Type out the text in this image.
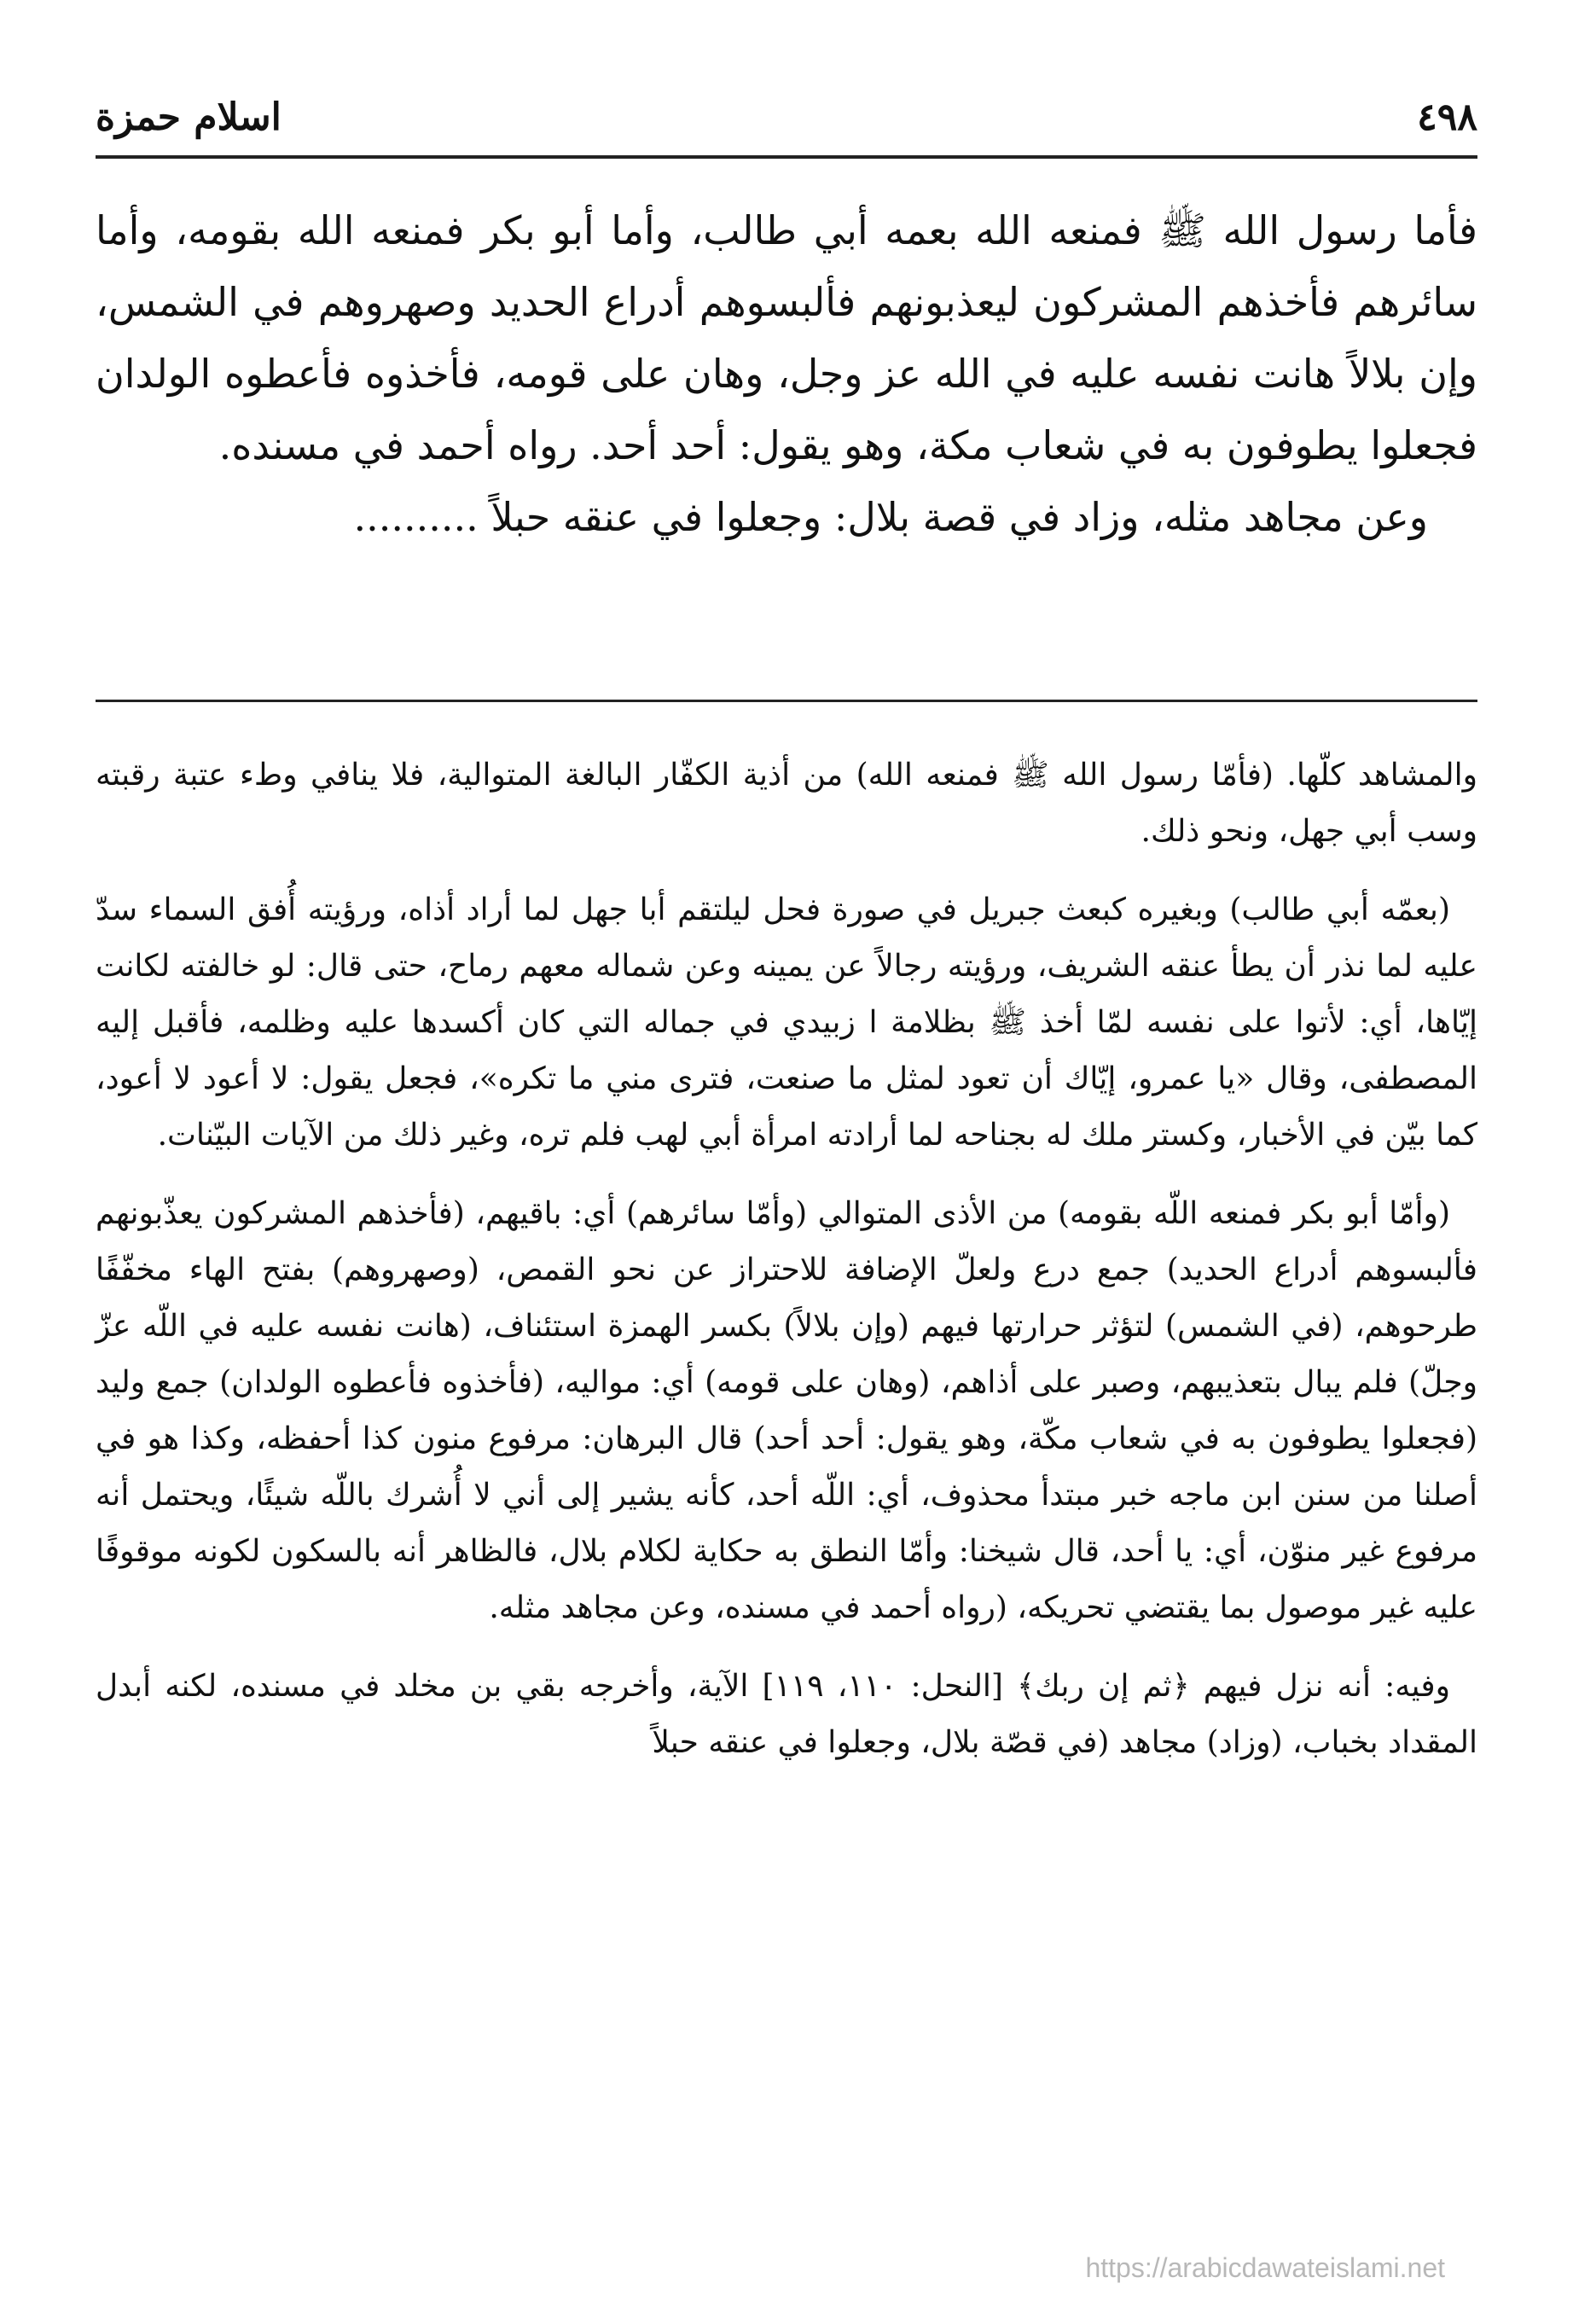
٤٩٨
اسلام حمزة

فأما رسول الله ﷺ فمنعه الله بعمه أبي طالب، وأما أبو بكر فمنعه الله بقومه، وأما سائرهم فأخذهم المشركون ليعذبونهم فألبسوهم أدراع الحديد وصهروهم في الشمس، وإن بلالاً هانت نفسه عليه في الله عز وجل، وهان على قومه، فأخذوه فأعطوه الولدان فجعلوا يطوفون به في شعاب مكة، وهو يقول: أحد أحد. رواه أحمد في مسنده.

وعن مجاهد مثله، وزاد في قصة بلال: وجعلوا في عنقه حبلاً ..........

والمشاهد كلّها. (فأمّا رسول الله ﷺ فمنعه الله) من أذية الكفّار البالغة المتوالية، فلا ينافي وطء عتبة رقبته وسب أبي جهل، ونحو ذلك.

(بعمّه أبي طالب) وبغيره كبعث جبريل في صورة فحل ليلتقم أبا جهل لما أراد أذاه، ورؤيته أُفق السماء سدّ عليه لما نذر أن يطأ عنقه الشريف، ورؤيته رجالاً عن يمينه وعن شماله معهم رماح، حتى قال: لو خالفته لكانت إيّاها، أي: لأتوا على نفسه لمّا أخذ ﷺ بظلامة ا زبيدي في جماله التي كان أكسدها عليه وظلمه، فأقبل إليه المصطفى، وقال «يا عمرو، إيّاك أن تعود لمثل ما صنعت، فترى مني ما تكره»، فجعل يقول: لا أعود لا أعود، كما بيّن في الأخبار، وكستر ملك له بجناحه لما أرادته امرأة أبي لهب فلم تره، وغير ذلك من الآيات البيّنات.

(وأمّا أبو بكر فمنعه اللّه بقومه) من الأذى المتوالي (وأمّا سائرهم) أي: باقيهم، (فأخذهم المشركون يعذّبونهم فألبسوهم أدراع الحديد) جمع درع ولعلّ الإضافة للاحتراز عن نحو القمص، (وصهروهم) بفتح الهاء مخفّفًا طرحوهم، (في الشمس) لتؤثر حرارتها فيهم (وإن بلالاً) بكسر الهمزة استئناف، (هانت نفسه عليه في اللّه عزّ وجلّ) فلم يبال بتعذيبهم، وصبر على أذاهم، (وهان على قومه) أي: مواليه، (فأخذوه فأعطوه الولدان) جمع وليد (فجعلوا يطوفون به في شعاب مكّة، وهو يقول: أحد أحد) قال البرهان: مرفوع منون كذا أحفظه، وكذا هو في أصلنا من سنن ابن ماجه خبر مبتدأ محذوف، أي: اللّه أحد، كأنه يشير إلى أني لا أُشرك باللّه شيئًا، ويحتمل أنه مرفوع غير منوّن، أي: يا أحد، قال شيخنا: وأمّا النطق به حكاية لكلام بلال، فالظاهر أنه بالسكون لكونه موقوفًا عليه غير موصول بما يقتضي تحريكه، (رواه أحمد في مسنده، وعن مجاهد مثله.

وفيه: أنه نزل فيهم ﴿ثم إن ربك﴾ [النحل: ١١٠، ١١٩] الآية، وأخرجه بقي بن مخلد في مسنده، لكنه أبدل المقداد بخباب، (وزاد) مجاهد (في قصّة بلال، وجعلوا في عنقه حبلاً

https://arabicdawateislami.net
